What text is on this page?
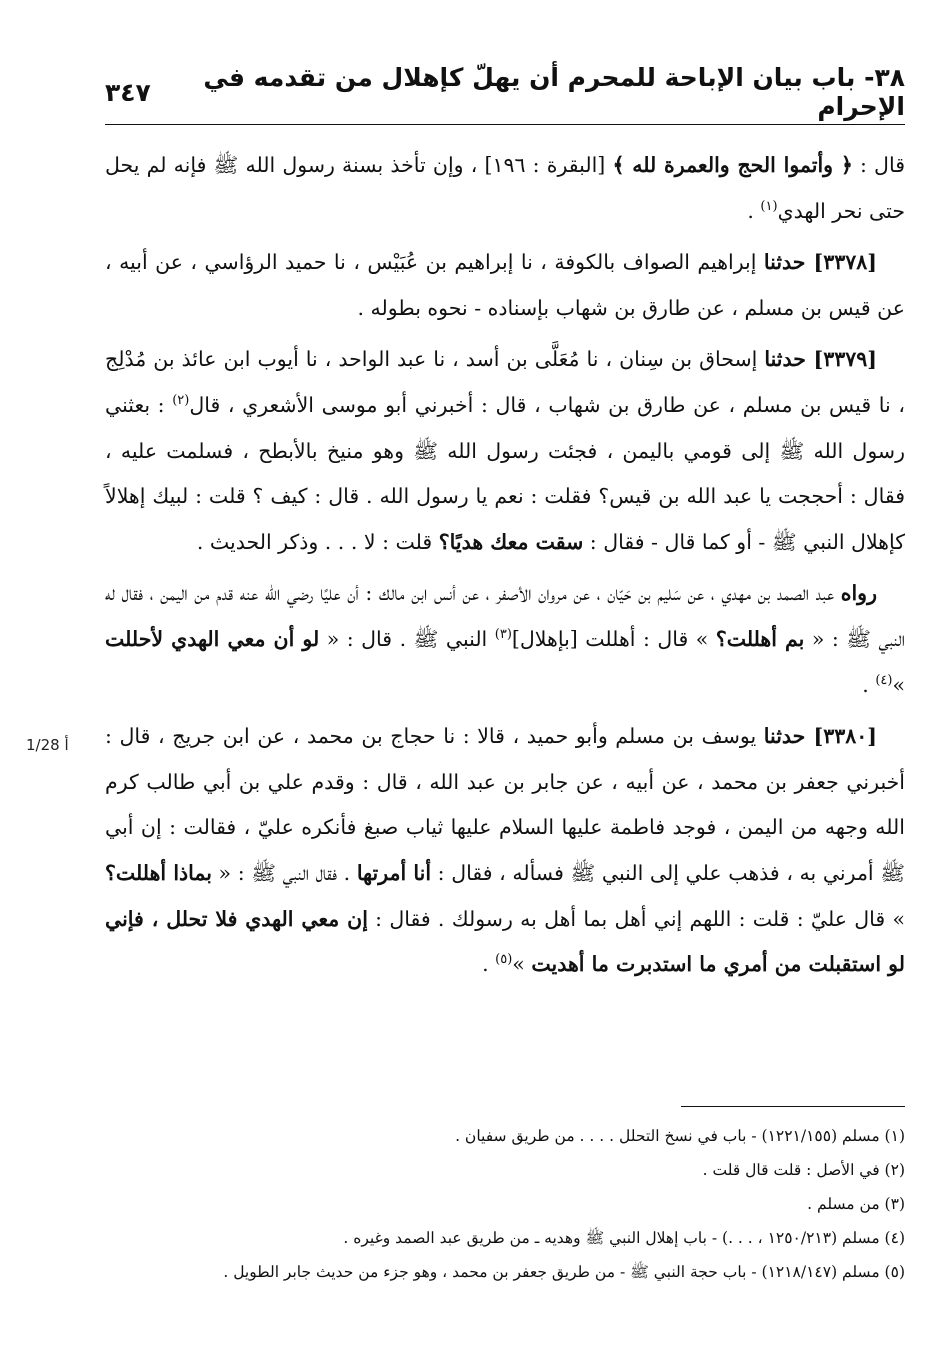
٣٨- باب بيان الإباحة للمحرم أن يهلّ كإهلال من تقدمه في الإحرام
٣٤٧
1/28 أ

قال : ﴿ وأتموا الحج والعمرة لله ﴾ [البقرة : ١٩٦] ، وإن تأخذ بسنة رسول الله ﷺ فإنه لم يحل حتى نحر الهدي$^{(١)}$ .

[٣٣٧٨] حدثنا إبراهيم الصواف بالكوفة ، نا إبراهيم بن عُبَيْس ، نا حميد الرؤاسي ، عن أبيه ، عن قيس بن مسلم ، عن طارق بن شهاب بإسناده - نحوه بطوله .

[٣٣٧٩] حدثنا إسحاق بن سِنان ، نا مُعَلَّى بن أسد ، نا عبد الواحد ، نا أيوب ابن عائذ بن مُدْلِج ، نا قيس بن مسلم ، عن طارق بن شهاب ، قال : أخبرني أبو موسى الأشعري ، قال$^{(٢)}$ : بعثني رسول الله ﷺ إلى قومي باليمن ، فجئت رسول الله ﷺ وهو منيخ بالأبطح ، فسلمت عليه ، فقال : أحججت يا عبد الله بن قيس؟ فقلت : نعم يا رسول الله . قال : كيف ؟ قلت : لبيك إهلالاً كإهلال النبي ﷺ - أو كما قال - فقال : سقت معك هديًا؟ قلت : لا . . . وذكر الحديث .

رواه عبد الصمد بن مهدي ، عن سَليم بن حَيّان ، عن مروان الأصفر ، عن أنس ابن مالك : أن عليًا رضي الله عنه قدم من اليمن ، فقال له النبي ﷺ : « بم أهللت؟ » قال : أهللت [بإهلال]$^{(٣)}$ النبي ﷺ . قال : « لو أن معي الهدي لأحللت »$^{(٤)}$ .

[٣٣٨٠] حدثنا يوسف بن مسلم وأبو حميد ، قالا : نا حجاج بن محمد ، عن ابن جريج ، قال : أخبرني جعفر بن محمد ، عن أبيه ، عن جابر بن عبد الله ، قال : وقدم علي بن أبي طالب كرم الله وجهه من اليمن ، فوجد فاطمة عليها السلام عليها ثياب صبغ فأنكره عليّ ، فقالت : إن أبي ﷺ أمرني به ، فذهب علي إلى النبي ﷺ فسأله ، فقال : أنا أمرتها . فقال النبي ﷺ : « بماذا أهللت؟ » قال عليّ : قلت : اللهم إني أهل بما أهل به رسولك . فقال : إن معي الهدي فلا تحلل ، فإني لو استقبلت من أمري ما استدبرت ما أهديت »$^{(٥)}$ .

(١) مسلم (١٢٢١/١٥٥) - باب في نسخ التحلل . . . . من طريق سفيان .
(٢) في الأصل : قلت قال قلت .
(٣) من مسلم .
(٤) مسلم (١٢٥٠/٢١٣ ، . . .) - باب إهلال النبي ﷺ وهديه ـ من طريق عبد الصمد وغيره .
(٥) مسلم (١٢١٨/١٤٧) - باب حجة النبي ﷺ - من طريق جعفر بن محمد ، وهو جزء من حديث جابر الطويل .
